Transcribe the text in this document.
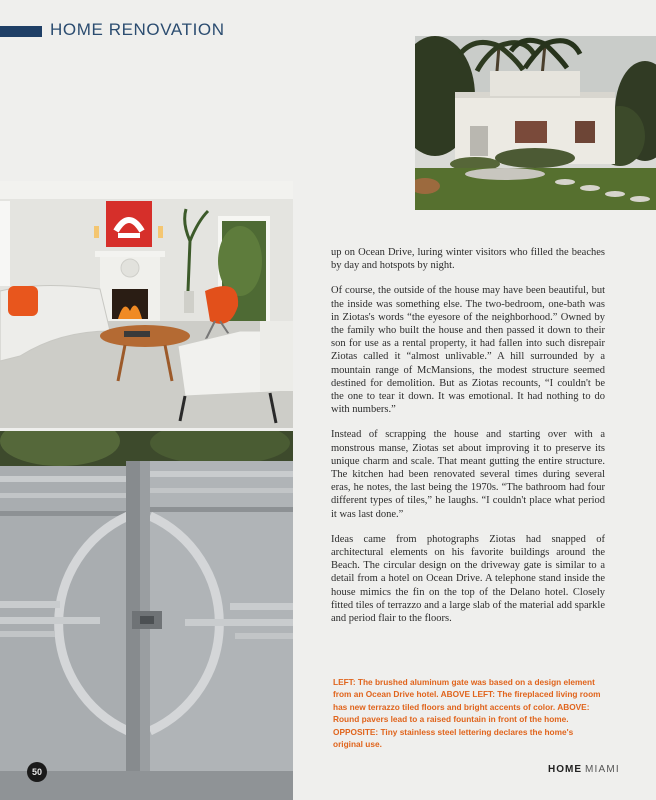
HOME RENOVATION

up on Ocean Drive, luring winter visitors who filled the beaches by day and hotspots by night.

Of course, the outside of the house may have been beautiful, but the inside was something else. The two-bedroom, one-bath was in Ziotas's words “the eyesore of the neighborhood.” Owned by the family who built the house and then passed it down to their son for use as a rental property, it had fallen into such disrepair Ziotas called it “almost unlivable.” A hill surrounded by a mountain range of McMansions, the modest structure seemed destined for demolition. But as Ziotas recounts, “I couldn't be the one to tear it down. It was emotional. It had nothing to do with numbers.”

Instead of scrapping the house and starting over with a monstrous manse, Ziotas set about improving it to preserve its unique charm and scale. That meant gutting the entire structure. The kitchen had been renovated several times during several eras, he notes, the last being the 1970s. “The bathroom had four different types of tiles,” he laughs. “I couldn't place what period it was last done.”

Ideas came from photographs Ziotas had snapped of architectural elements on his favorite buildings around the Beach. The circular design on the driveway gate is similar to a detail from a hotel on Ocean Drive. A telephone stand inside the house mimics the fin on the top of the Delano hotel. Closely fitted tiles of terrazzo and a large slab of the material add sparkle and period flair to the floors.

LEFT: The brushed aluminum gate was based on a design element from an Ocean Drive hotel. ABOVE LEFT: The fireplaced living room has new terrazzo tiled floors and bright accents of color. ABOVE: Round pavers lead to a raised fountain in front of the home. OPPOSITE: Tiny stainless steel lettering declares the home's original use.
50	HOME MIAMI
